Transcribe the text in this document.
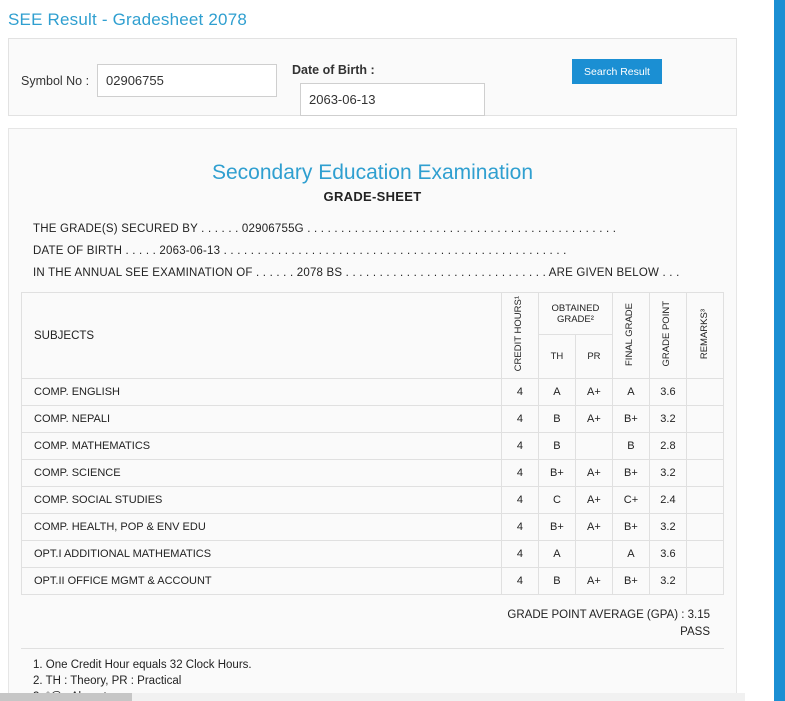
SEE Result - Gradesheet 2078
Symbol No :
02906755
Date of Birth :
2063-06-13	Search Result
Secondary Education Examination
GRADE-SHEET
THE GRADE(S) SECURED BY . . . . . . 02906755G . . . . . . . . . . . . . . . . . . . . . . . . . . . . . . . . . . . . . . . . . . . . . .
DATE OF BIRTH . . . . . 2063-06-13 . . . . . . . . . . . . . . . . . . . . . . . . . . . . . . . . . . . . . . . . . . . . . . . . . . .
IN THE ANNUAL SEE EXAMINATION OF . . . . . . 2078 BS . . . . . . . . . . . . . . . . . . . . . . . . . . . . . . ARE GIVEN BELOW . . .
SUBJECTS	CREDIT HOURS¹	OBTAINED GRADE²		FINAL GRADE	GRADE POINT	REMARKS³
		TH	PR			
COMP. ENGLISH	4	A	A+	A	3.6	
COMP. NEPALI	4	B	A+	B+	3.2	
COMP. MATHEMATICS	4	B		B	2.8	
COMP. SCIENCE	4	B+	A+	B+	3.2	
COMP. SOCIAL STUDIES	4	C	A+	C+	2.4	
COMP. HEALTH, POP & ENV EDU	4	B+	A+	B+	3.2	
OPT.I ADDITIONAL MATHEMATICS	4	A		A	3.6	
OPT.II OFFICE MGMT & ACCOUNT	4	B	A+	B+	3.2	
GRADE POINT AVERAGE (GPA) : 3.15
PASS
1. One Credit Hour equals 32 Clock Hours.
2. TH : Theory, PR : Practical
